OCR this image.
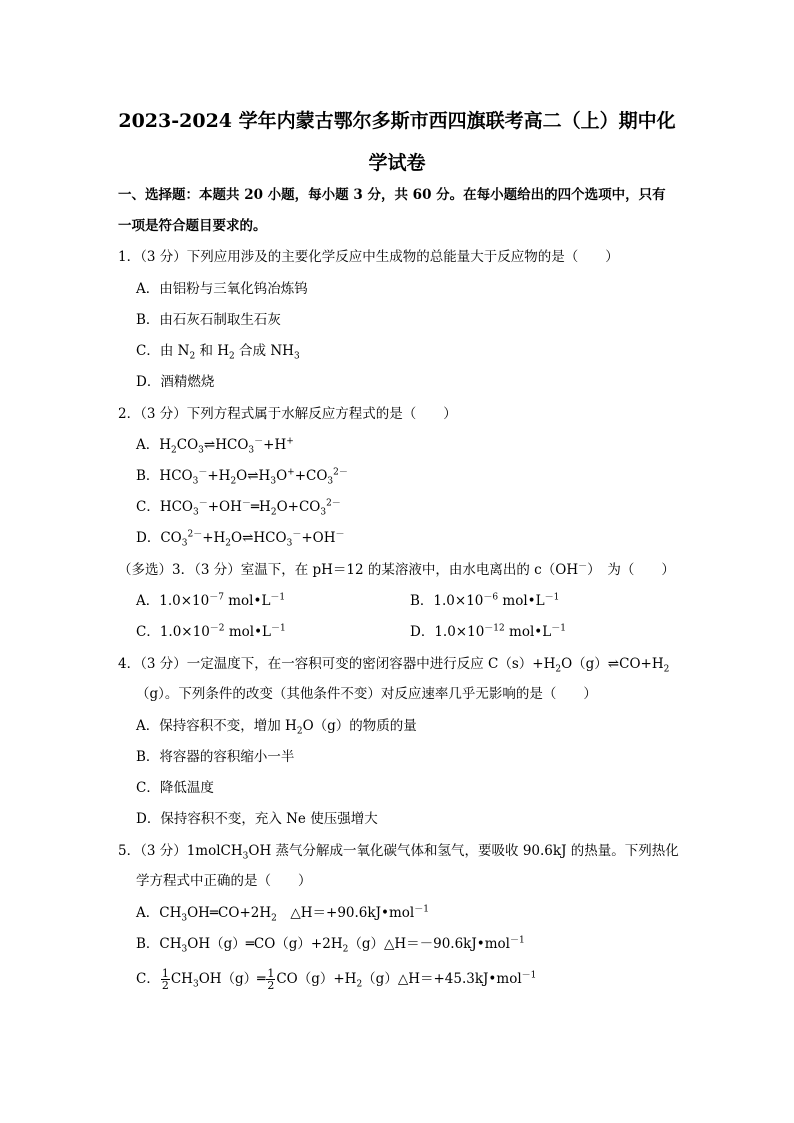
2023-2024 学年内蒙古鄂尔多斯市西四旗联考高二（上）期中化
学试卷
一、选择题：本题共 20 小题，每小题 3 分，共 60 分。在每小题给出的四个选项中，只有
一项是符合题目要求的。
1．（3 分）下列应用涉及的主要化学反应中生成物的总能量大于反应物的是（　　）
A．由铝粉与三氧化钨冶炼钨
B．由石灰石制取生石灰
C．由 $N_2$ 和 $H_2$ 合成 $NH_3$
D．酒精燃烧
2．（3 分）下列方程式属于水解反应方程式的是（　　）
A．$H_2CO_3\rightleftharpoons HCO_3^-+H^+$
B．$HCO_3^-+H_2O\rightleftharpoons H_3O^++CO_3^{2-}$
C．$HCO_3^-+OH^-═H_2O+CO_3^{2-}$
D．$CO_3^{2-}+H_2O\rightleftharpoons HCO_3^-+OH^-$
（多选）3．（3 分）室温下，在 pH＝12 的某溶液中，由水电离出的 c（OH－）　为（　　）
A．$1.0\times 10^{-7}$ $mol•L^{-1}$	B．$1.0\times 10^{-6}$ $mol•L^{-1}$
C．$1.0\times 10^{-2}$ $mol•L^{-1}$	D．$1.0\times 10^{-12}$ $mol•L^{-1}$
4．（3 分）一定温度下，在一容积可变的密闭容器中进行反应 $C(s)+H_2O(g)\rightleftharpoons CO+H_2$
（g）。下列条件的改变（其他条件不变）对反应速率几乎无影响的是（　　）
A．保持容积不变，增加 $H_2O(g)$的物质的量
B．将容器的容积缩小一半
C．降低温度
D．保持容积不变，充入 Ne 使压强增大
5．（3 分）1molCH$_3$OH 蒸气分解成一氧化碳气体和氢气，要吸收 90.6kJ 的热量。下列热化
学方程式中正确的是（　　）
A．$CH_3OH═CO+2H_2$　△H＝+90.6kJ•mol$^{-1}$
B．$CH_3OH(g)═CO(g)+2H_2(g)\triangle H=-90.6kJ•mol^{-1}$
C． $\frac{1}{2}$ $CH_3OH(g)═ \frac{1}{2}$ $CO(g)+H_2(g)\triangle H=+45.3kJ•mol^{-1}$
